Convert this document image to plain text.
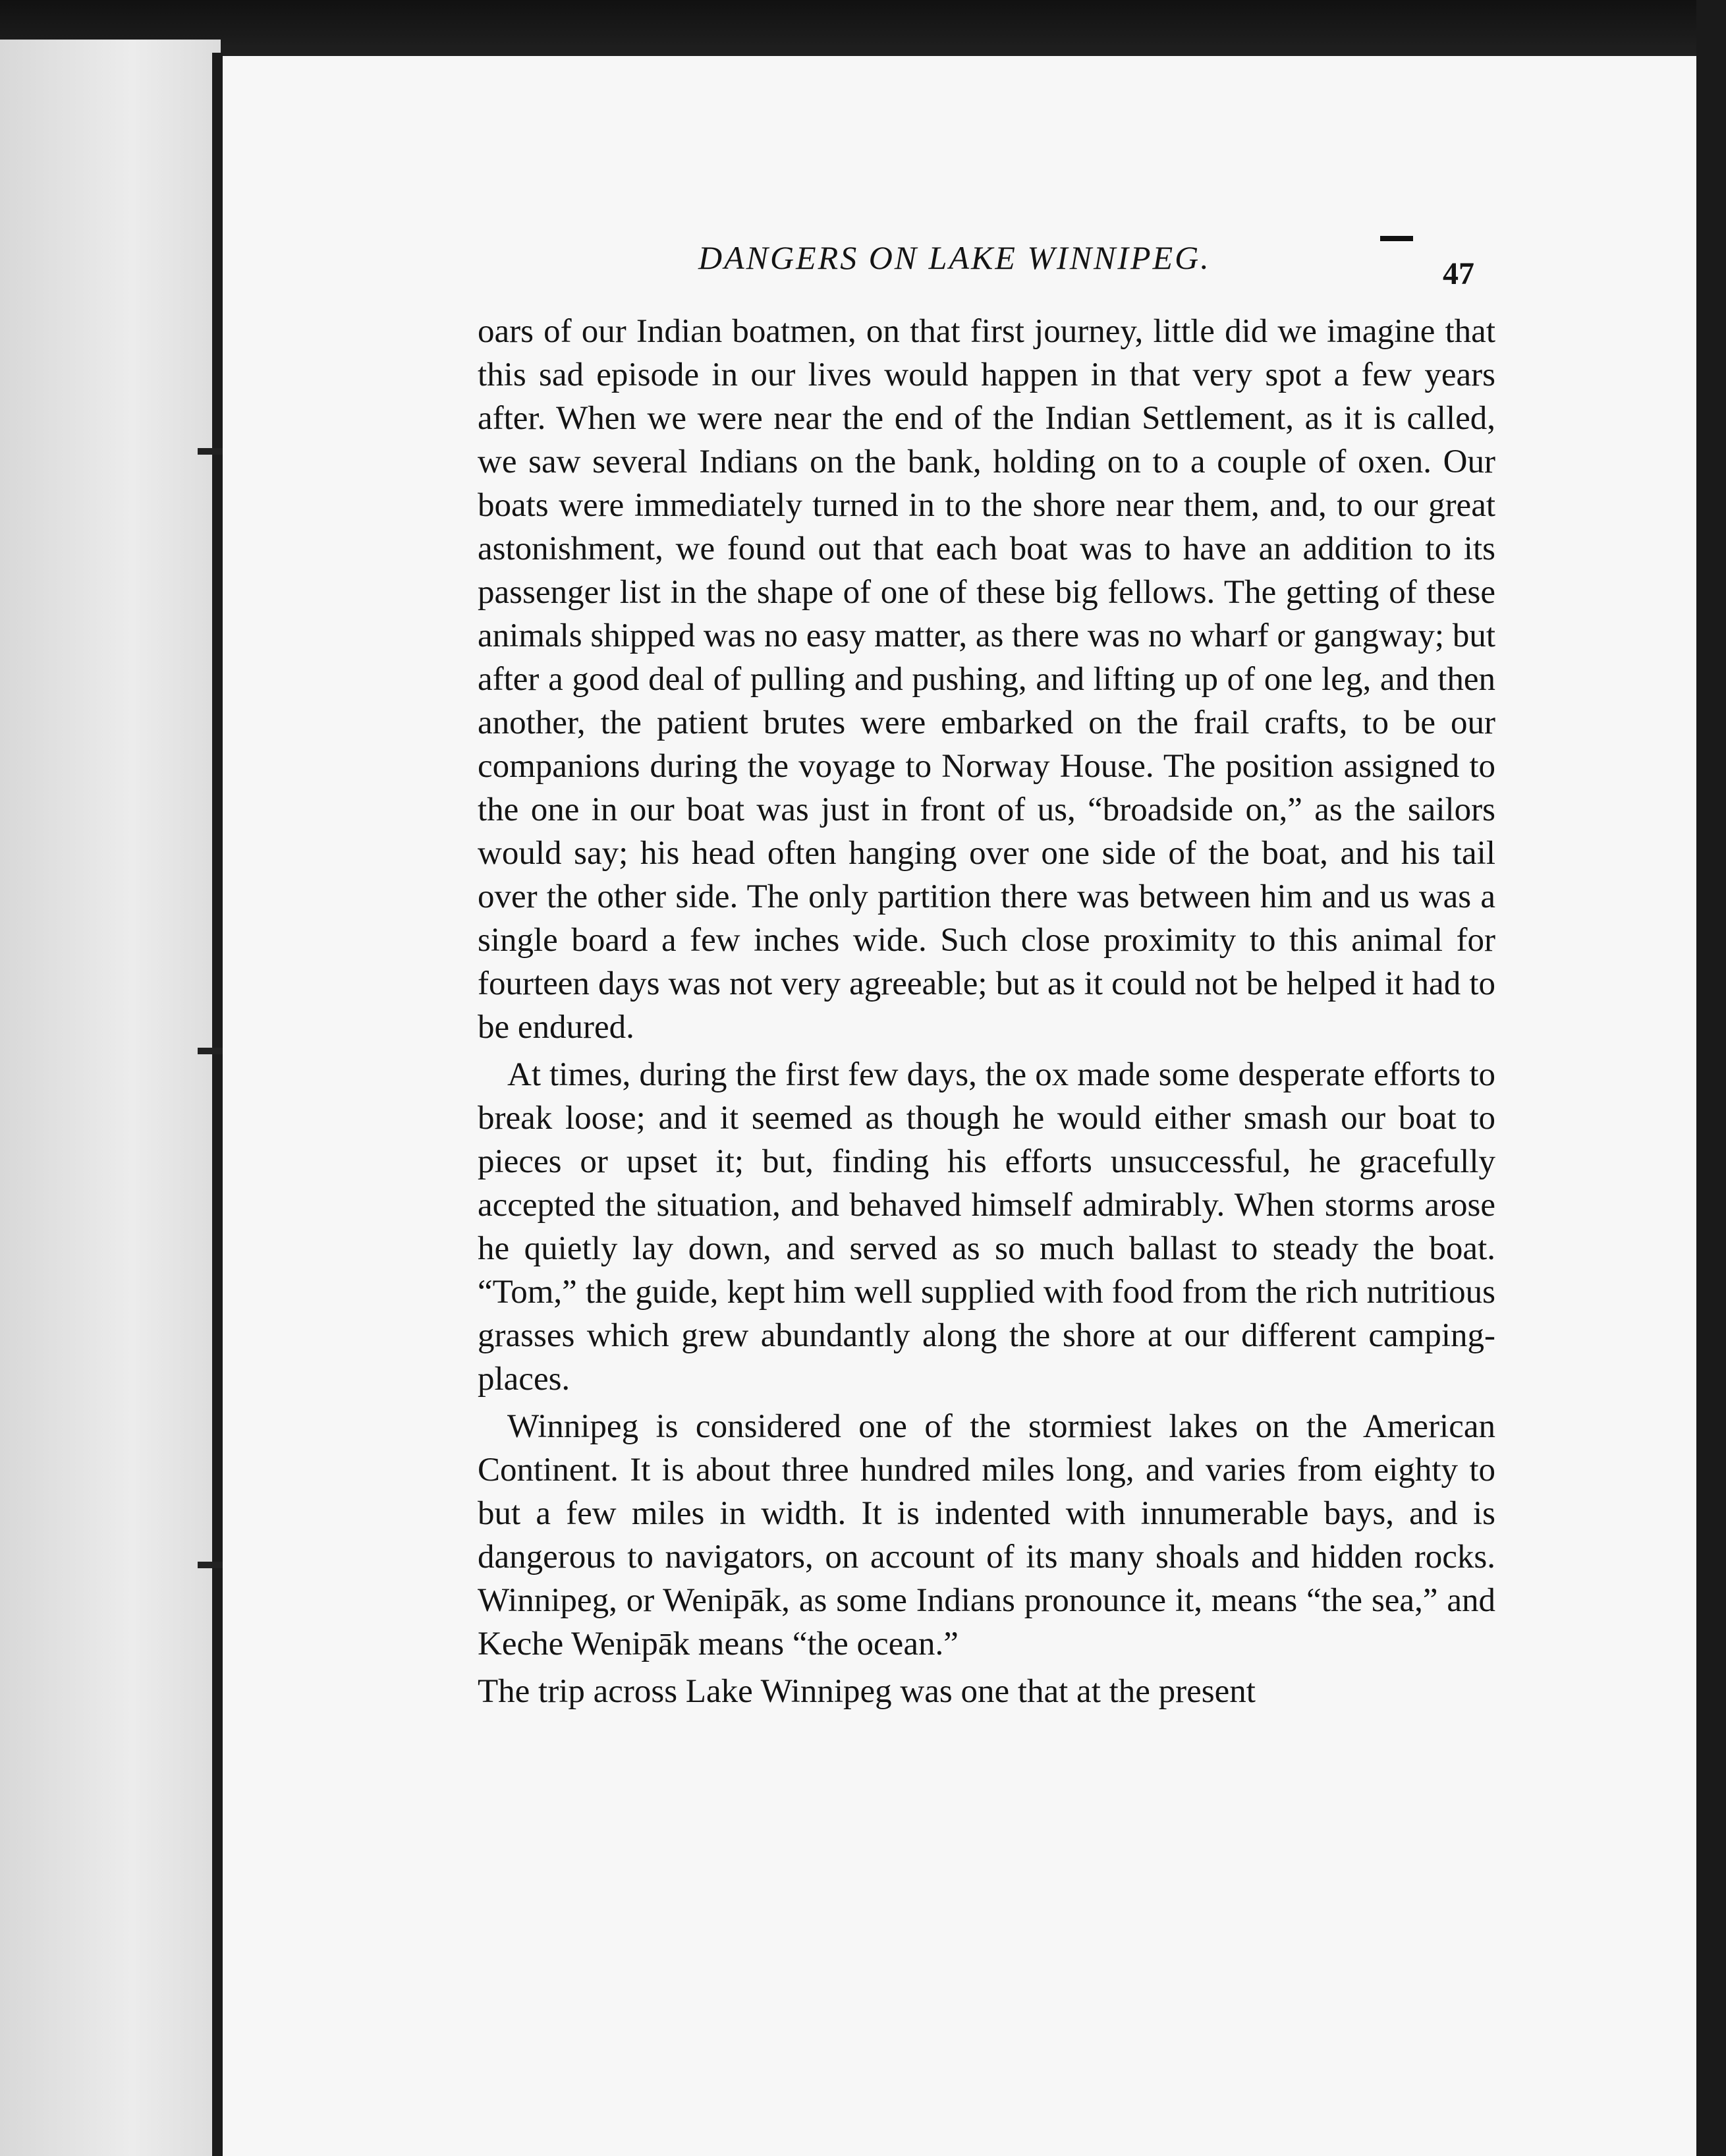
DANGERS ON LAKE WINNIPEG.	47

oars of our Indian boatmen, on that first journey, little did we imagine that this sad episode in our lives would happen in that very spot a few years after. When we were near the end of the Indian Settlement, as it is called, we saw several Indians on the bank, holding on to a couple of oxen. Our boats were immediately turned in to the shore near them, and, to our great astonishment, we found out that each boat was to have an addition to its passenger list in the shape of one of these big fellows. The getting of these animals shipped was no easy matter, as there was no wharf or gangway; but after a good deal of pulling and pushing, and lifting up of one leg, and then another, the patient brutes were embarked on the frail crafts, to be our companions during the voyage to Norway House. The position assigned to the one in our boat was just in front of us, “broadside on,” as the sailors would say; his head often hanging over one side of the boat, and his tail over the other side. The only partition there was between him and us was a single board a few inches wide. Such close proximity to this animal for fourteen days was not very agreeable; but as it could not be helped it had to be endured.

At times, during the first few days, the ox made some desperate efforts to break loose; and it seemed as though he would either smash our boat to pieces or upset it; but, finding his efforts unsuccessful, he gracefully accepted the situation, and behaved himself admirably. When storms arose he quietly lay down, and served as so much ballast to steady the boat. “Tom,” the guide, kept him well supplied with food from the rich nutritious grasses which grew abundantly along the shore at our different camping-places.

Winnipeg is considered one of the stormiest lakes on the American Continent. It is about three hundred miles long, and varies from eighty to but a few miles in width. It is indented with innumerable bays, and is dangerous to navigators, on account of its many shoals and hidden rocks. Winnipeg, or Wenipāk, as some Indians pronounce it, means “the sea,” and Keche Wenipāk means “the ocean.”

The trip across Lake Winnipeg was one that at the present
